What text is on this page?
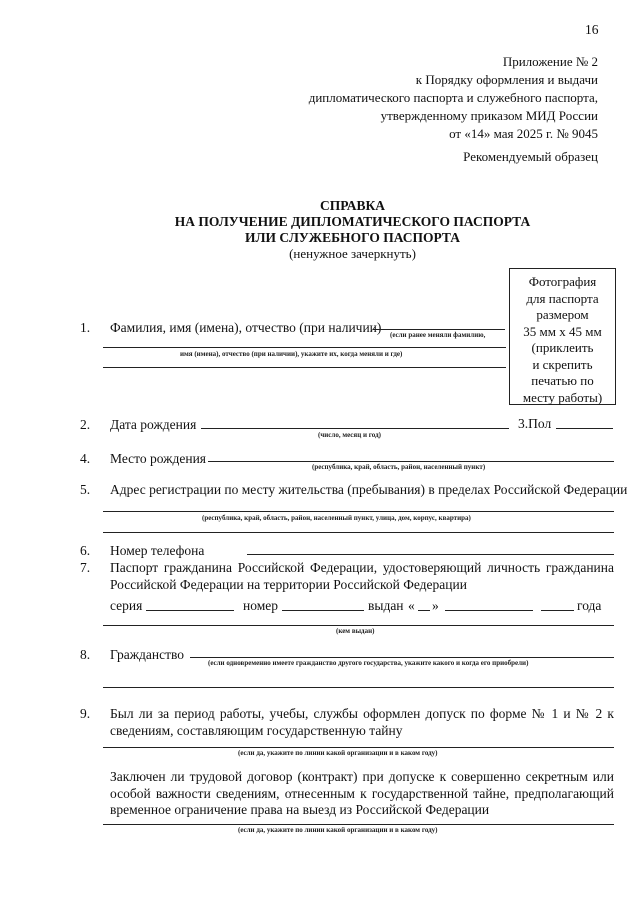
16
Приложение № 2
к Порядку оформления и выдачи
дипломатического паспорта и служебного паспорта,
утвержденному приказом МИД России
от «14» мая 2025 г. № 9045
Рекомендуемый образец
СПРАВКА
НА ПОЛУЧЕНИЕ ДИПЛОМАТИЧЕСКОГО ПАСПОРТА
ИЛИ СЛУЖЕБНОГО ПАСПОРТА
(ненужное зачеркнуть)
Фотография
для паспорта
размером
35 мм х 45 мм
(приклеить
и скрепить
печатью по
месту работы)
1. Фамилия, имя (имена), отчество (при наличии) (если ранее меняли фамилию,
имя (имена), отчество (при наличии), укажите их, когда меняли и где)
2. Дата рождения
(число, месяц и год)
3.Пол
4. Место рождения
(республика, край, область, район, населенный пункт)
5. Адрес регистрации по месту жительства (пребывания) в пределах Российской Федерации
(республика, край, область, район, населенный пункт, улица, дом, корпус, квартира)
6. Номер телефона
7. Паспорт гражданина Российской Федерации, удостоверяющий личность гражданина Российской Федерации на территории Российской Федерации
серия	номер	выдан « »	года
(кем выдан)
8. Гражданство
(если одновременно имеете гражданство другого государства, укажите какого и когда его приобрели)
9. Был ли за период работы, учебы, службы оформлен допуск по форме № 1 и № 2 к сведениям, составляющим государственную тайну
(если да, укажите по линии какой организации и в каком году)
Заключен ли трудовой договор (контракт) при допуске к совершенно секретным или особой важности сведениям, отнесенным к государственной тайне, предполагающий временное ограничение права на выезд из Российской Федерации
(если да, укажите по линии какой организации и в каком году)
